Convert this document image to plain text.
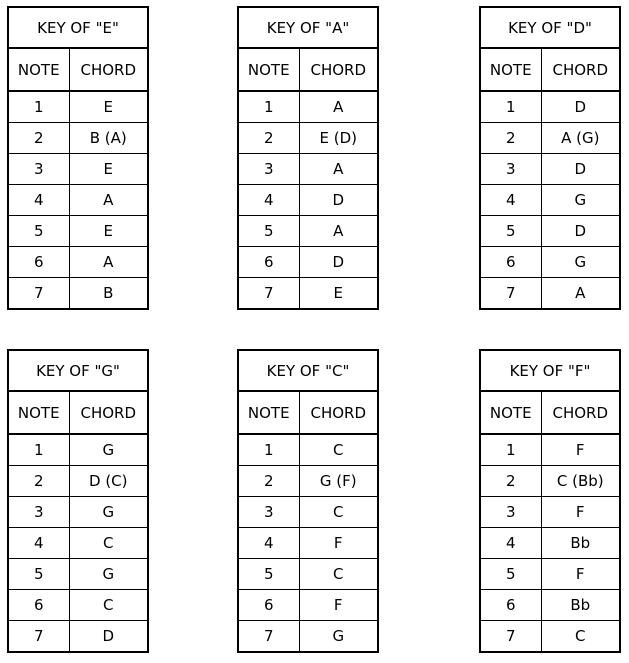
KEY OF "E"	
NOTE	CHORD
1	E
2	B (A)
3	E
4	A
5	E
6	A
7	B
KEY OF "A"	
NOTE	CHORD
1	A
2	E (D)
3	A
4	D
5	A
6	D
7	E
KEY OF "D"	
NOTE	CHORD
1	D
2	A (G)
3	D
4	G
5	D
6	G
7	A
KEY OF "G"	
NOTE	CHORD
1	G
2	D (C)
3	G
4	C
5	G
6	C
7	D
KEY OF "C"	
NOTE	CHORD
1	C
2	G (F)
3	C
4	F
5	C
6	F
7	G
KEY OF "F"	
NOTE	CHORD
1	F
2	C (Bb)
3	F
4	Bb
5	F
6	Bb
7	C
